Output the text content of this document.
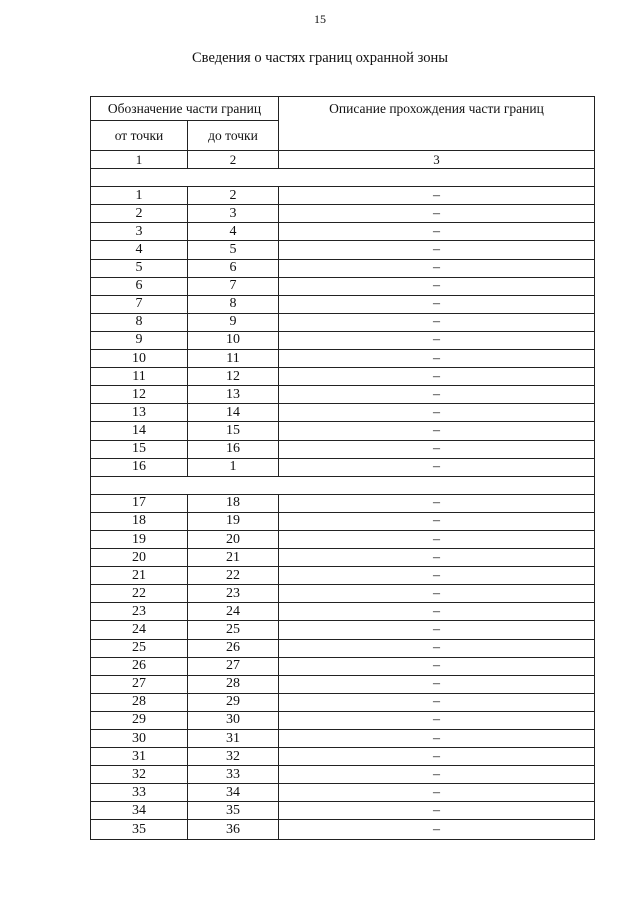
15
Сведения о частях границ охранной зоны
Обозначение части границ	Описание прохождения части границ
от точки	до точки
1	2	3
1	2	–
2	3	–
3	4	–
4	5	–
5	6	–
6	7	–
7	8	–
8	9	–
9	10	–
10	11	–
11	12	–
12	13	–
13	14	–
14	15	–
15	16	–
16	1	–
17	18	–
18	19	–
19	20	–
20	21	–
21	22	–
22	23	–
23	24	–
24	25	–
25	26	–
26	27	–
27	28	–
28	29	–
29	30	–
30	31	–
31	32	–
32	33	–
33	34	–
34	35	–
35	36	–
